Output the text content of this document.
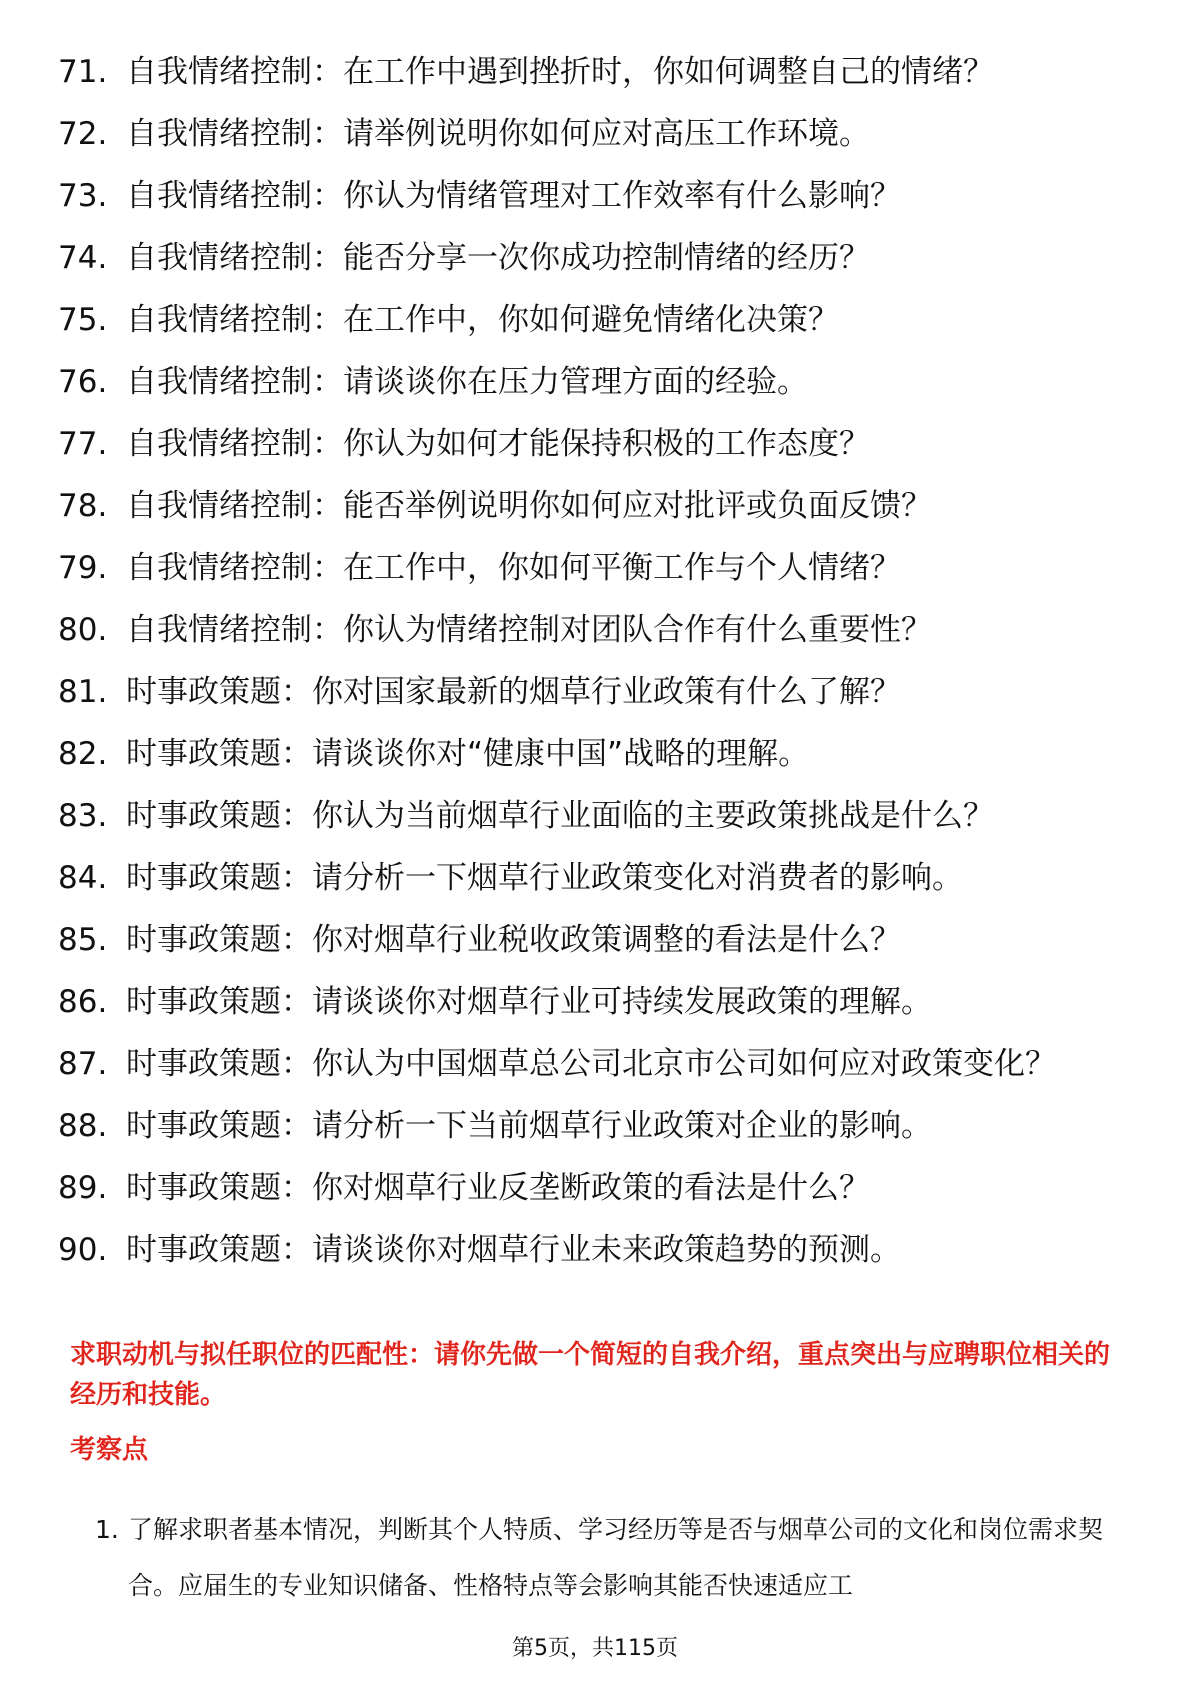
71. 自我情绪控制：在工作中遇到挫折时，你如何调整自己的情绪？
72. 自我情绪控制：请举例说明你如何应对高压工作环境。
73. 自我情绪控制：你认为情绪管理对工作效率有什么影响？
74. 自我情绪控制：能否分享一次你成功控制情绪的经历？
75. 自我情绪控制：在工作中，你如何避免情绪化决策？
76. 自我情绪控制：请谈谈你在压力管理方面的经验。
77. 自我情绪控制：你认为如何才能保持积极的工作态度？
78. 自我情绪控制：能否举例说明你如何应对批评或负面反馈？
79. 自我情绪控制：在工作中，你如何平衡工作与个人情绪？
80. 自我情绪控制：你认为情绪控制对团队合作有什么重要性？
81. 时事政策题：你对国家最新的烟草行业政策有什么了解？
82. 时事政策题：请谈谈你对“健康中国”战略的理解。
83. 时事政策题：你认为当前烟草行业面临的主要政策挑战是什么？
84. 时事政策题：请分析一下烟草行业政策变化对消费者的影响。
85. 时事政策题：你对烟草行业税收政策调整的看法是什么？
86. 时事政策题：请谈谈你对烟草行业可持续发展政策的理解。
87. 时事政策题：你认为中国烟草总公司北京市公司如何应对政策变化？
88. 时事政策题：请分析一下当前烟草行业政策对企业的影响。
89. 时事政策题：你对烟草行业反垄断政策的看法是什么？
90. 时事政策题：请谈谈你对烟草行业未来政策趋势的预测。

求职动机与拟任职位的匹配性：请你先做一个简短的自我介绍，重点突出与应聘职位相关的经历和技能。

考察点

1. 了解求职者基本情况，判断其个人特质、学习经历等是否与烟草公司的文化和岗位需求契合。应届生的专业知识储备、性格特点等会影响其能否快速适应工
第5页，共115页
